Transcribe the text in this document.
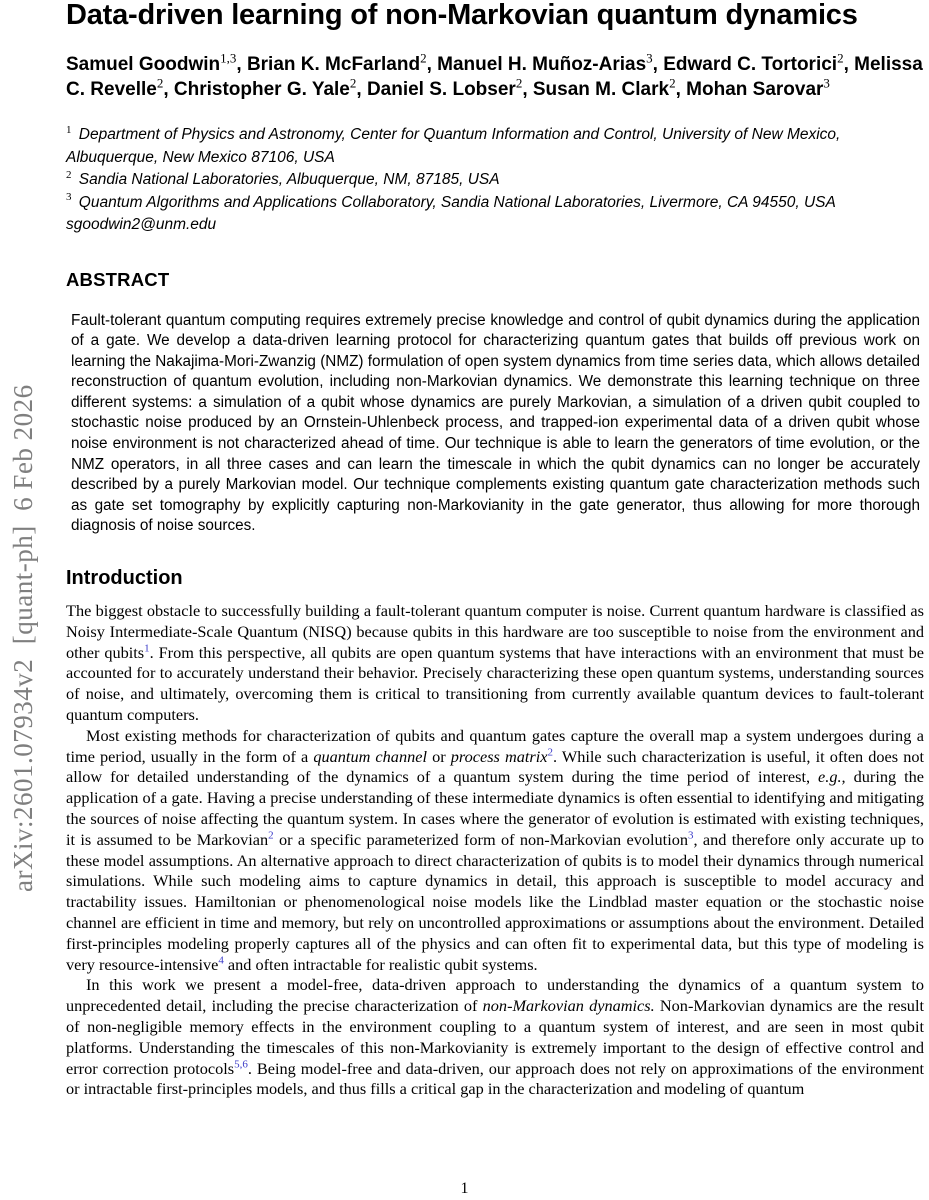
arXiv:2601.07934v2  [quant-ph]  6 Feb 2026
Data-driven learning of non-Markovian quantum dynamics

Samuel Goodwin$^{1,3}$, Brian K. McFarland$^2$, Manuel H. Muñoz-Arias$^3$, Edward C. Tortorici$^2$, Melissa C. Revelle$^2$, Christopher G. Yale$^2$, Daniel S. Lobser$^2$, Susan M. Clark$^2$, Mohan Sarovar$^3$

$^1$ Department of Physics and Astronomy, Center for Quantum Information and Control, University of New Mexico, Albuquerque, New Mexico 87106, USA
$^2$ Sandia National Laboratories, Albuquerque, NM, 87185, USA
$^3$ Quantum Algorithms and Applications Collaboratory, Sandia National Laboratories, Livermore, CA 94550, USA
sgoodwin2@unm.edu
ABSTRACT

Fault-tolerant quantum computing requires extremely precise knowledge and control of qubit dynamics during the application of a gate. We develop a data-driven learning protocol for characterizing quantum gates that builds off previous work on learning the Nakajima-Mori-Zwanzig (NMZ) formulation of open system dynamics from time series data, which allows detailed reconstruction of quantum evolution, including non-Markovian dynamics. We demonstrate this learning technique on three different systems: a simulation of a qubit whose dynamics are purely Markovian, a simulation of a driven qubit coupled to stochastic noise produced by an Ornstein-Uhlenbeck process, and trapped-ion experimental data of a driven qubit whose noise environment is not characterized ahead of time. Our technique is able to learn the generators of time evolution, or the NMZ operators, in all three cases and can learn the timescale in which the qubit dynamics can no longer be accurately described by a purely Markovian model. Our technique complements existing quantum gate characterization methods such as gate set tomography by explicitly capturing non-Markovianity in the gate generator, thus allowing for more thorough diagnosis of noise sources.

Introduction

The biggest obstacle to successfully building a fault-tolerant quantum computer is noise. Current quantum hardware is classified as Noisy Intermediate-Scale Quantum (NISQ) because qubits in this hardware are too susceptible to noise from the environment and other qubits$^1$. From this perspective, all qubits are open quantum systems that have interactions with an environment that must be accounted for to accurately understand their behavior. Precisely characterizing these open quantum systems, understanding sources of noise, and ultimately, overcoming them is critical to transitioning from currently available quantum devices to fault-tolerant quantum computers.

Most existing methods for characterization of qubits and quantum gates capture the overall map a system undergoes during a time period, usually in the form of a quantum channel or process matrix$^2$. While such characterization is useful, it often does not allow for detailed understanding of the dynamics of a quantum system during the time period of interest, e.g., during the application of a gate. Having a precise understanding of these intermediate dynamics is often essential to identifying and mitigating the sources of noise affecting the quantum system. In cases where the generator of evolution is estimated with existing techniques, it is assumed to be Markovian$^2$ or a specific parameterized form of non-Markovian evolution$^3$, and therefore only accurate up to these model assumptions. An alternative approach to direct characterization of qubits is to model their dynamics through numerical simulations. While such modeling aims to capture dynamics in detail, this approach is susceptible to model accuracy and tractability issues. Hamiltonian or phenomenological noise models like the Lindblad master equation or the stochastic noise channel are efficient in time and memory, but rely on uncontrolled approximations or assumptions about the environment. Detailed first-principles modeling properly captures all of the physics and can often fit to experimental data, but this type of modeling is very resource-intensive$^4$ and often intractable for realistic qubit systems.

In this work we present a model-free, data-driven approach to understanding the dynamics of a quantum system to unprecedented detail, including the precise characterization of non-Markovian dynamics. Non-Markovian dynamics are the result of non-negligible memory effects in the environment coupling to a quantum system of interest, and are seen in most qubit platforms. Understanding the timescales of this non-Markovianity is extremely important to the design of effective control and error correction protocols$^{5,6}$. Being model-free and data-driven, our approach does not rely on approximations of the environment or intractable first-principles models, and thus fills a critical gap in the characterization and modeling of quantum

1
